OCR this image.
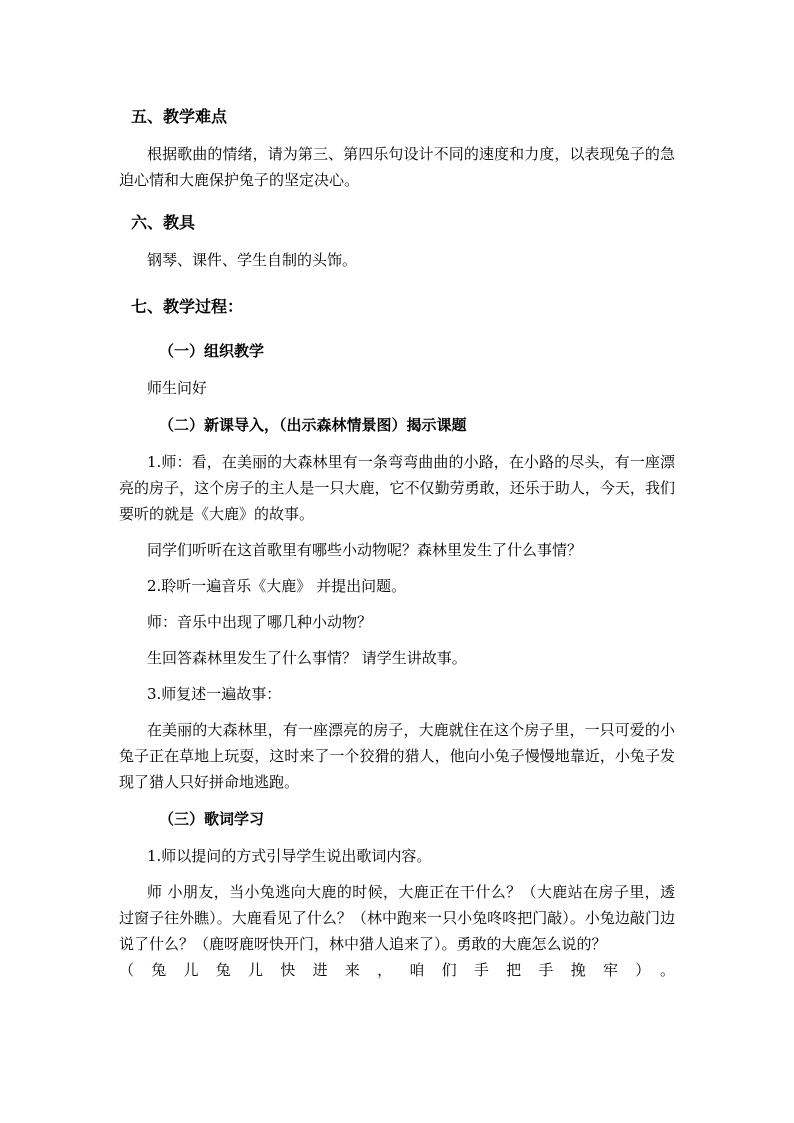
五、教学难点

根据歌曲的情绪，请为第三、第四乐句设计不同的速度和力度，以表现兔子的急迫心情和大鹿保护兔子的坚定决心。

六、教具

钢琴、课件、学生自制的头饰。

七、教学过程：
（一）组织教学

师生问好

（二）新课导入，（出示森林情景图）揭示课题

1.师：看，在美丽的大森林里有一条弯弯曲曲的小路，在小路的尽头，有一座漂亮的房子，这个房子的主人是一只大鹿，它不仅勤劳勇敢，还乐于助人，今天，我们要听的就是《大鹿》的故事。

同学们听听在这首歌里有哪些小动物呢？森林里发生了什么事情？

2.聆听一遍音乐《大鹿》 并提出问题。

师：音乐中出现了哪几种小动物？

生回答森林里发生了什么事情？ 请学生讲故事。

3.师复述一遍故事：

在美丽的大森林里，有一座漂亮的房子，大鹿就住在这个房子里，一只可爱的小兔子正在草地上玩耍，这时来了一个狡猾的猎人，他向小兔子慢慢地靠近，小兔子发现了猎人只好拼命地逃跑。

（三）歌词学习

1.师以提问的方式引导学生说出歌词内容。

师 小朋友，当小兔逃向大鹿的时候，大鹿正在干什么？（大鹿站在房子里，透过窗子往外瞧）。大鹿看见了什么？（林中跑来一只小兔咚咚把门敲）。小兔边敲门边说了什么？（鹿呀鹿呀快开门，林中猎人追来了）。勇敢的大鹿怎么说的？

（兔儿兔儿快进来，咱们手把手挽牢）。
